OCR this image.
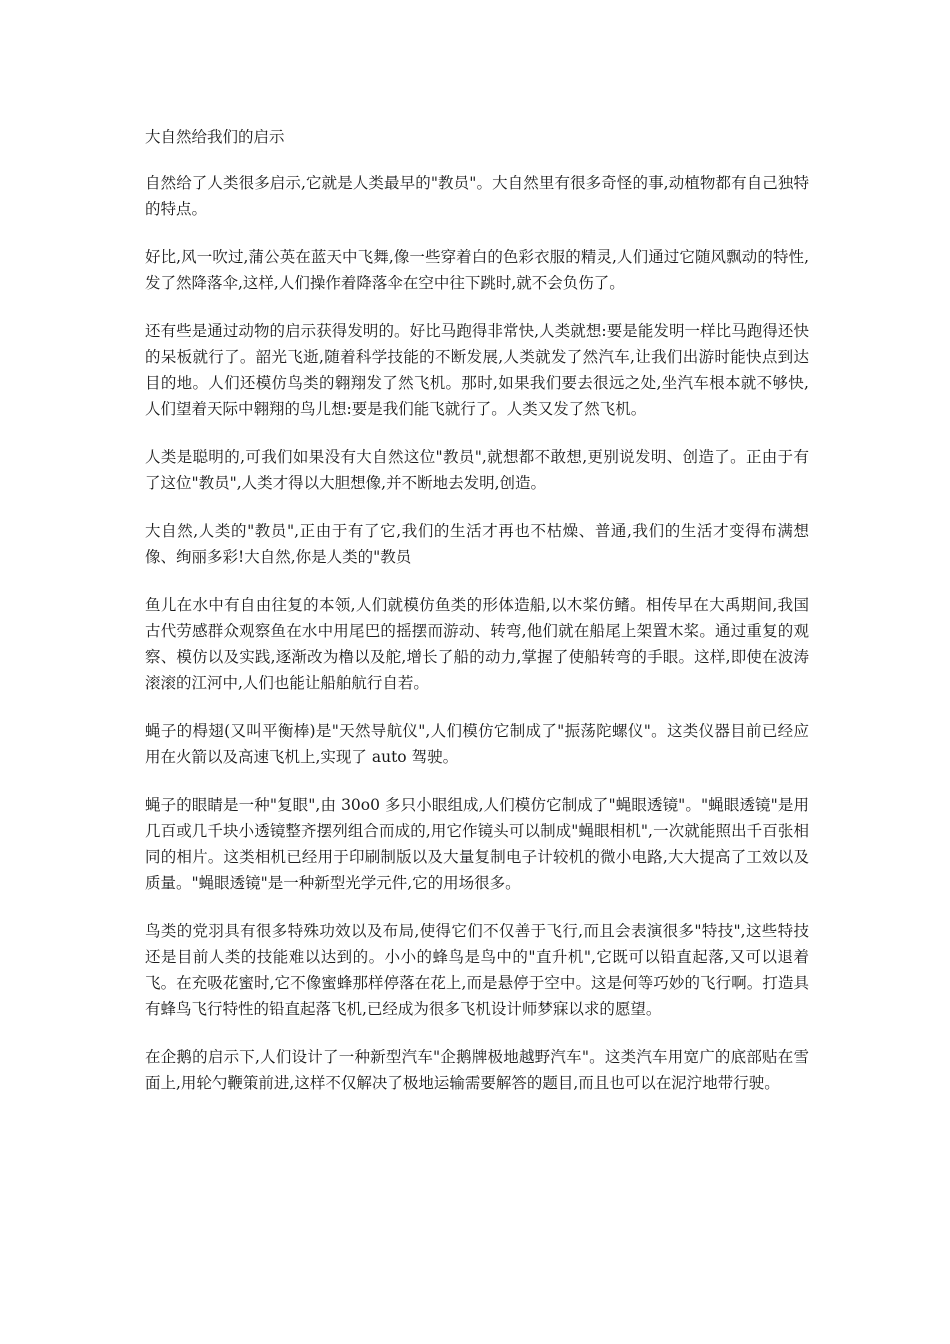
大自然给我们的启示

自然给了人类很多启示,它就是人类最早的"教员"。大自然里有很多奇怪的事,动植物都有自己独特的特点。

好比,风一吹过,蒲公英在蓝天中飞舞,像一些穿着白的色彩衣服的精灵,人们通过它随风飘动的特性,发了然降落伞,这样,人们操作着降落伞在空中往下跳时,就不会负伤了。

还有些是通过动物的启示获得发明的。好比马跑得非常快,人类就想:要是能发明一样比马跑得还快的呆板就行了。韶光飞逝,随着科学技能的不断发展,人类就发了然汽车,让我们出游时能快点到达目的地。人们还模仿鸟类的翱翔发了然飞机。那时,如果我们要去很远之处,坐汽车根本就不够快,人们望着天际中翱翔的鸟儿想:要是我们能飞就行了。人类又发了然飞机。

人类是聪明的,可我们如果没有大自然这位"教员",就想都不敢想,更别说发明、创造了。正由于有了这位"教员",人类才得以大胆想像,并不断地去发明,创造。

大自然,人类的"教员",正由于有了它,我们的生活才再也不枯燥、普通,我们的生活才变得布满想像、绚丽多彩!大自然,你是人类的"教员

鱼儿在水中有自由往复的本领,人们就模仿鱼类的形体造船,以木桨仿鳍。相传早在大禹期间,我国古代劳感群众观察鱼在水中用尾巴的摇摆而游动、转弯,他们就在船尾上架置木桨。通过重复的观察、模仿以及实践,逐渐改为橹以及舵,增长了船的动力,掌握了使船转弯的手眼。这样,即使在波涛滚滚的江河中,人们也能让船舶航行自若。

蝇子的棏翅(又叫平衡棒)是"天然导航仪",人们模仿它制成了"振荡陀螺仪"。这类仪器目前已经应用在火箭以及高速飞机上,实现了 auto 驾驶。

蝇子的眼睛是一种"复眼",由 30o0 多只小眼组成,人们模仿它制成了"蝇眼透镜"。"蝇眼透镜"是用几百或几千块小透镜整齐摆列组合而成的,用它作镜头可以制成"蝇眼相机",一次就能照出千百张相同的相片。这类相机已经用于印刷制版以及大量复制电子计较机的微小电路,大大提高了工效以及质量。"蝇眼透镜"是一种新型光学元件,它的用场很多。

鸟类的党羽具有很多特殊功效以及布局,使得它们不仅善于飞行,而且会表演很多"特技",这些特技还是目前人类的技能难以达到的。小小的蜂鸟是鸟中的"直升机",它既可以铅直起落,又可以退着飞。在充吸花蜜时,它不像蜜蜂那样停落在花上,而是悬停于空中。这是何等巧妙的飞行啊。打造具有蜂鸟飞行特性的铅直起落飞机,已经成为很多飞机设计师梦寐以求的愿望。

在企鹅的启示下,人们设计了一种新型汽车"企鹅牌极地越野汽车"。这类汽车用宽广的底部贴在雪面上,用轮勺鞭策前进,这样不仅解决了极地运输需要解答的题目,而且也可以在泥泞地带行驶。
